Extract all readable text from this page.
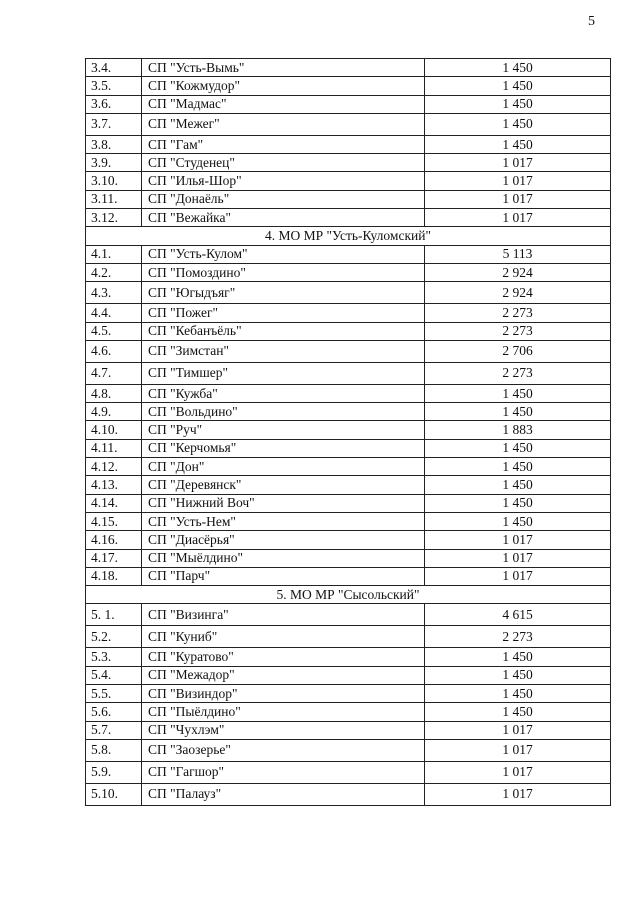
5
3.4.	СП "Усть-Вымь"	1 450
3.5.	СП "Кожмудор"	1 450
3.6.	СП "Мадмас"	1 450
3.7.	СП "Межег"	1 450
3.8.	СП "Гам"	1 450
3.9.	СП "Студенец"	1 017
3.10.	СП "Илья-Шор"	1 017
3.11.	СП "Донаёль"	1 017
3.12.	СП "Вежайка"	1 017
4. МО МР "Усть-Куломский"		
4.1.	СП "Усть-Кулом"	5 113
4.2.	СП "Помоздино"	2 924
4.3.	СП "Югыдъяг"	2 924
4.4.	СП "Пожег"	2 273
4.5.	СП "Кебанъёль"	2 273
4.6.	СП "Зимстан"	2 706
4.7.	СП "Тимшер"	2 273
4.8.	СП "Кужба"	1 450
4.9.	СП "Вольдино"	1 450
4.10.	СП "Руч"	1 883
4.11.	СП "Керчомья"	1 450
4.12.	СП "Дон"	1 450
4.13.	СП "Деревянск"	1 450
4.14.	СП "Нижний Воч"	1 450
4.15.	СП "Усть-Нем"	1 450
4.16.	СП "Диасёрья"	1 017
4.17.	СП "Мыёлдино"	1 017
4.18.	СП "Парч"	1 017
5. МО МР "Сысольский"		
5. 1.	СП "Визинга"	4 615
5.2.	СП "Куниб"	2 273
5.3.	СП "Куратово"	1 450
5.4.	СП "Межадор"	1 450
5.5.	СП "Визиндор"	1 450
5.6.	СП "Пыёлдино"	1 450
5.7.	СП "Чухлэм"	1 017
5.8.	СП "Заозерье"	1 017
5.9.	СП "Гагшор"	1 017
5.10.	СП "Палауз"	1 017
